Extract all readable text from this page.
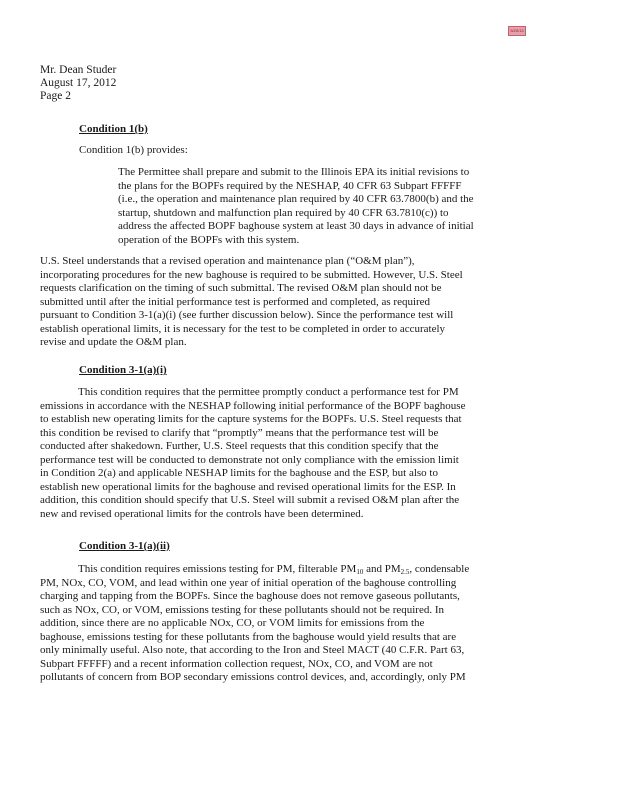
5/20/13
Mr. Dean Studer
August 17, 2012
Page 2
Condition 1(b)
Condition 1(b) provides:
The Permittee shall prepare and submit to the Illinois EPA its initial revisions to
the plans for the BOPFs required by the NESHAP, 40 CFR 63 Subpart FFFFF
(i.e., the operation and maintenance plan required by 40 CFR 63.7800(b) and the
startup, shutdown and malfunction plan required by 40 CFR 63.7810(c)) to
address the affected BOPF baghouse system at least 30 days in advance of initial
operation of the BOPFs with this system.
U.S. Steel understands that a revised operation and maintenance plan (“O&M plan”),
incorporating procedures for the new baghouse is required to be submitted. However, U.S. Steel
requests clarification on the timing of such submittal. The revised O&M plan should not be
submitted until after the initial performance test is performed and completed, as required
pursuant to Condition 3-1(a)(i) (see further discussion below). Since the performance test will
establish operational limits, it is necessary for the test to be completed in order to accurately
revise and update the O&M plan.
Condition 3-1(a)(i)
This condition requires that the permittee promptly conduct a performance test for PM
emissions in accordance with the NESHAP following initial performance of the BOPF baghouse
to establish new operating limits for the capture systems for the BOPFs. U.S. Steel requests that
this condition be revised to clarify that “promptly” means that the performance test will be
conducted after shakedown. Further, U.S. Steel requests that this condition specify that the
performance test will be conducted to demonstrate not only compliance with the emission limit
in Condition 2(a) and applicable NESHAP limits for the baghouse and the ESP, but also to
establish new operational limits for the baghouse and revised operational limits for the ESP. In
addition, this condition should specify that U.S. Steel will submit a revised O&M plan after the
new and revised operational limits for the controls have been determined.
Condition 3-1(a)(ii)
This condition requires emissions testing for PM, filterable $PM_{10}$ and $PM_{2.5}$, condensable
PM, NOx, CO, VOM, and lead within one year of initial operation of the baghouse controlling
charging and tapping from the BOPFs. Since the baghouse does not remove gaseous pollutants,
such as NOx, CO, or VOM, emissions testing for these pollutants should not be required. In
addition, since there are no applicable NOx, CO, or VOM limits for emissions from the
baghouse, emissions testing for these pollutants from the baghouse would yield results that are
only minimally useful. Also note, that according to the Iron and Steel MACT (40 C.F.R. Part 63,
Subpart FFFFF) and a recent information collection request, NOx, CO, and VOM are not
pollutants of concern from BOP secondary emissions control devices, and, accordingly, only PM
